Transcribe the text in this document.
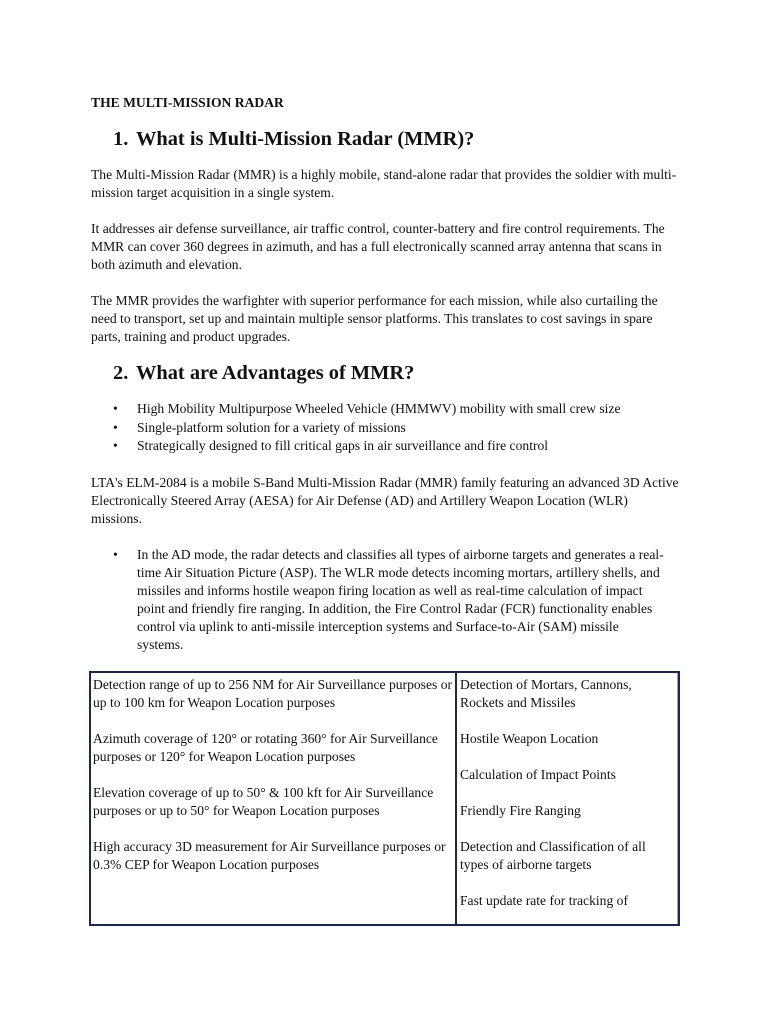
THE MULTI-MISSION RADAR
1. What is Multi-Mission Radar (MMR)?

The Multi-Mission Radar (MMR) is a highly mobile, stand-alone radar that provides the soldier with multi-mission target acquisition in a single system.

It addresses air defense surveillance, air traffic control, counter-battery and fire control requirements. The MMR can cover 360 degrees in azimuth, and has a full electronically scanned array antenna that scans in both azimuth and elevation.

The MMR provides the warfighter with superior performance for each mission, while also curtailing the need to transport, set up and maintain multiple sensor platforms. This translates to cost savings in spare parts, training and product upgrades.

2. What are Advantages of MMR?
• High Mobility Multipurpose Wheeled Vehicle (HMMWV) mobility with small crew size
• Single-platform solution for a variety of missions
• Strategically designed to fill critical gaps in air surveillance and fire control

LTA's ELM-2084 is a mobile S-Band Multi-Mission Radar (MMR) family featuring an advanced 3D Active Electronically Steered Array (AESA) for Air Defense (AD) and Artillery Weapon Location (WLR) missions.

• In the AD mode, the radar detects and classifies all types of airborne targets and generates a real-time Air Situation Picture (ASP). The WLR mode detects incoming mortars, artillery shells, and missiles and informs hostile weapon firing location as well as real-time calculation of impact point and friendly fire ranging. In addition, the Fire Control Radar (FCR) functionality enables control via uplink to anti-missile interception systems and Surface-to-Air (SAM) missile systems.

Detection range of up to 256 NM for Air Surveillance purposes or up to 100 km for Weapon Location purposes

Azimuth coverage of 120° or rotating 360° for Air Surveillance purposes or 120° for Weapon Location purposes

Elevation coverage of up to 50° & 100 kft for Air Surveillance purposes or up to 50° for Weapon Location purposes

High accuracy 3D measurement for Air Surveillance purposes or 0.3% CEP for Weapon Location purposes

Detection of Mortars, Cannons, Rockets and Missiles

Hostile Weapon Location

Calculation of Impact Points

Friendly Fire Ranging

Detection and Classification of all types of airborne targets

Fast update rate for tracking of
